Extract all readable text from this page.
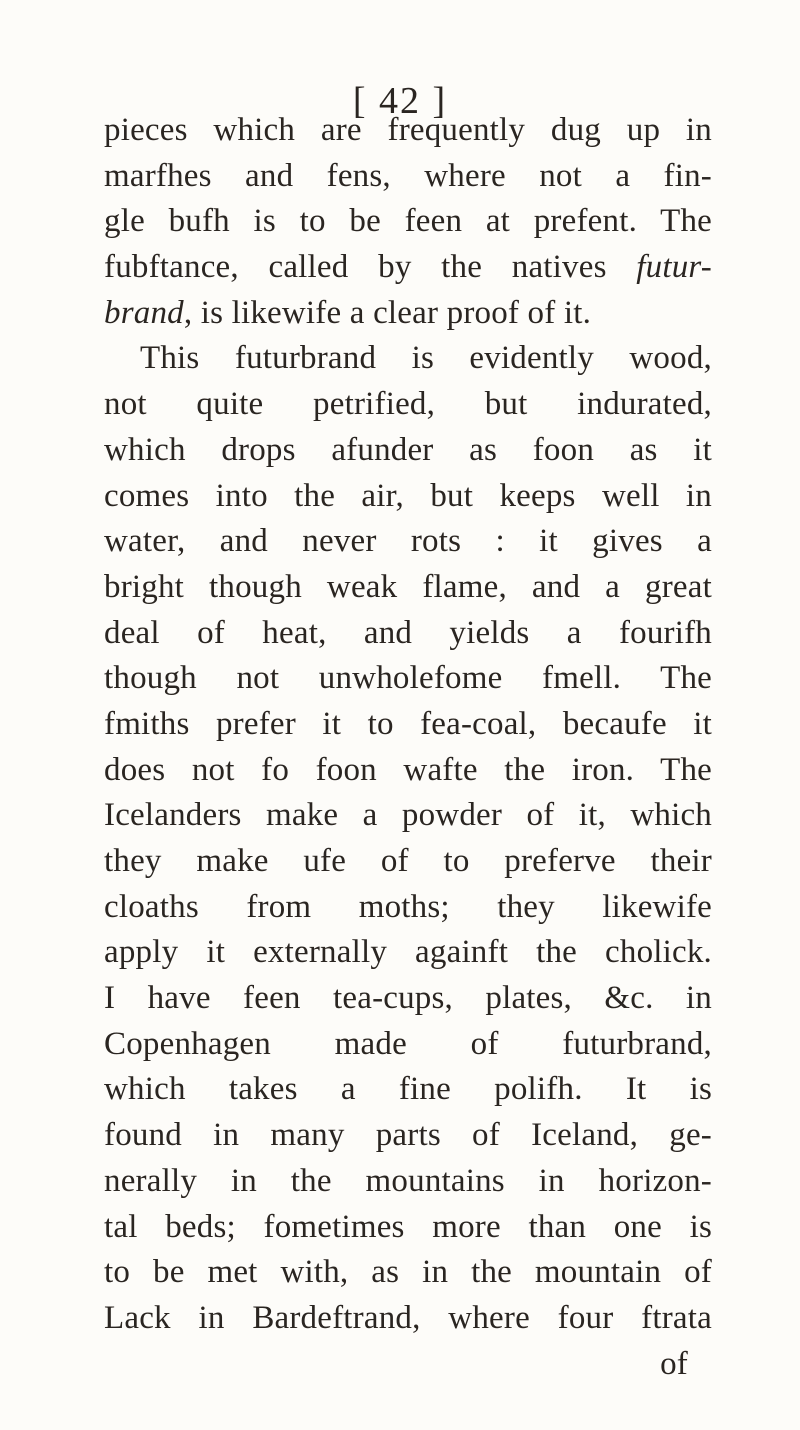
[ 42 ]
pieces which are frequently dug up in
marfhes and fens, where not a fin-
gle bufh is to be feen at prefent. The
fubftance, called by the natives futur-
brand, is likewife a clear proof of it.
This futurbrand is evidently wood,
not quite petrified, but indurated,
which drops afunder as foon as it
comes into the air, but keeps well in
water, and never rots : it gives a
bright though weak flame, and a great
deal of heat, and yields a fourifh
though not unwholefome fmell. The
fmiths prefer it to fea-coal, becaufe it
does not fo foon wafte the iron. The
Icelanders make a powder of it, which
they make ufe of to preferve their
cloaths from moths; they likewife
apply it externally againft the cholick.
I have feen tea-cups, plates, &c. in
Copenhagen made of futurbrand,
which takes a fine polifh. It is
found in many parts of Iceland, ge-
nerally in the mountains in horizon-
tal beds; fometimes more than one is
to be met with, as in the mountain of
Lack in Bardeftrand, where four ftrata
of
